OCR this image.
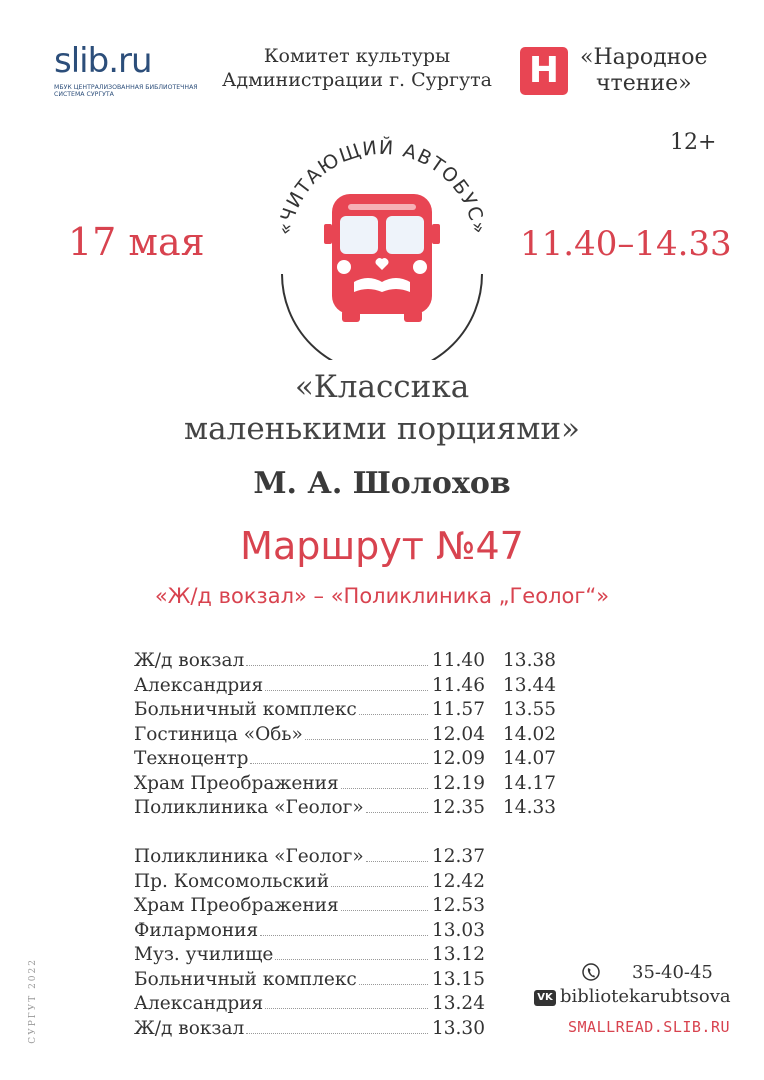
slib.ru
МБУК ЦЕНТРАЛИЗОВАННАЯ БИБЛИОТЕЧНАЯ СИСТЕМА СУРГУТА
Комитет культуры
Администрации г. Сургута Н «Народное
чтение»
12+
«ЧИТАЮЩИЙ АВТОБУС»
17 мая	11.40–14.33
«Классика
маленькими порциями»
М. А. Шолохов
Маршрут №47
«Ж/д вокзал» – «Поликлиника „Геолог“»
Ж/д вокзал	11.40 13.38
Александрия	11.46 13.44
Больничный комплекс	11.57 13.55
Гостиница «Обь»	12.04 14.02
Техноцентр	12.09 14.07
Храм Преображения	12.19 14.17
Поликлиника «Геолог»	12.35 14.33
Поликлиника «Геолог»	12.37
Пр. Комсомольский	12.42
Храм Преображения	12.53
Филармония	13.03
Муз. училище	13.12
Больничный комплекс	13.15
Александрия	13.24
Ж/д вокзал	13.30
СУРГУТ 2022	35-40-45
VK bibliotekarubtsova
SMALLREAD.SLIB.RU
